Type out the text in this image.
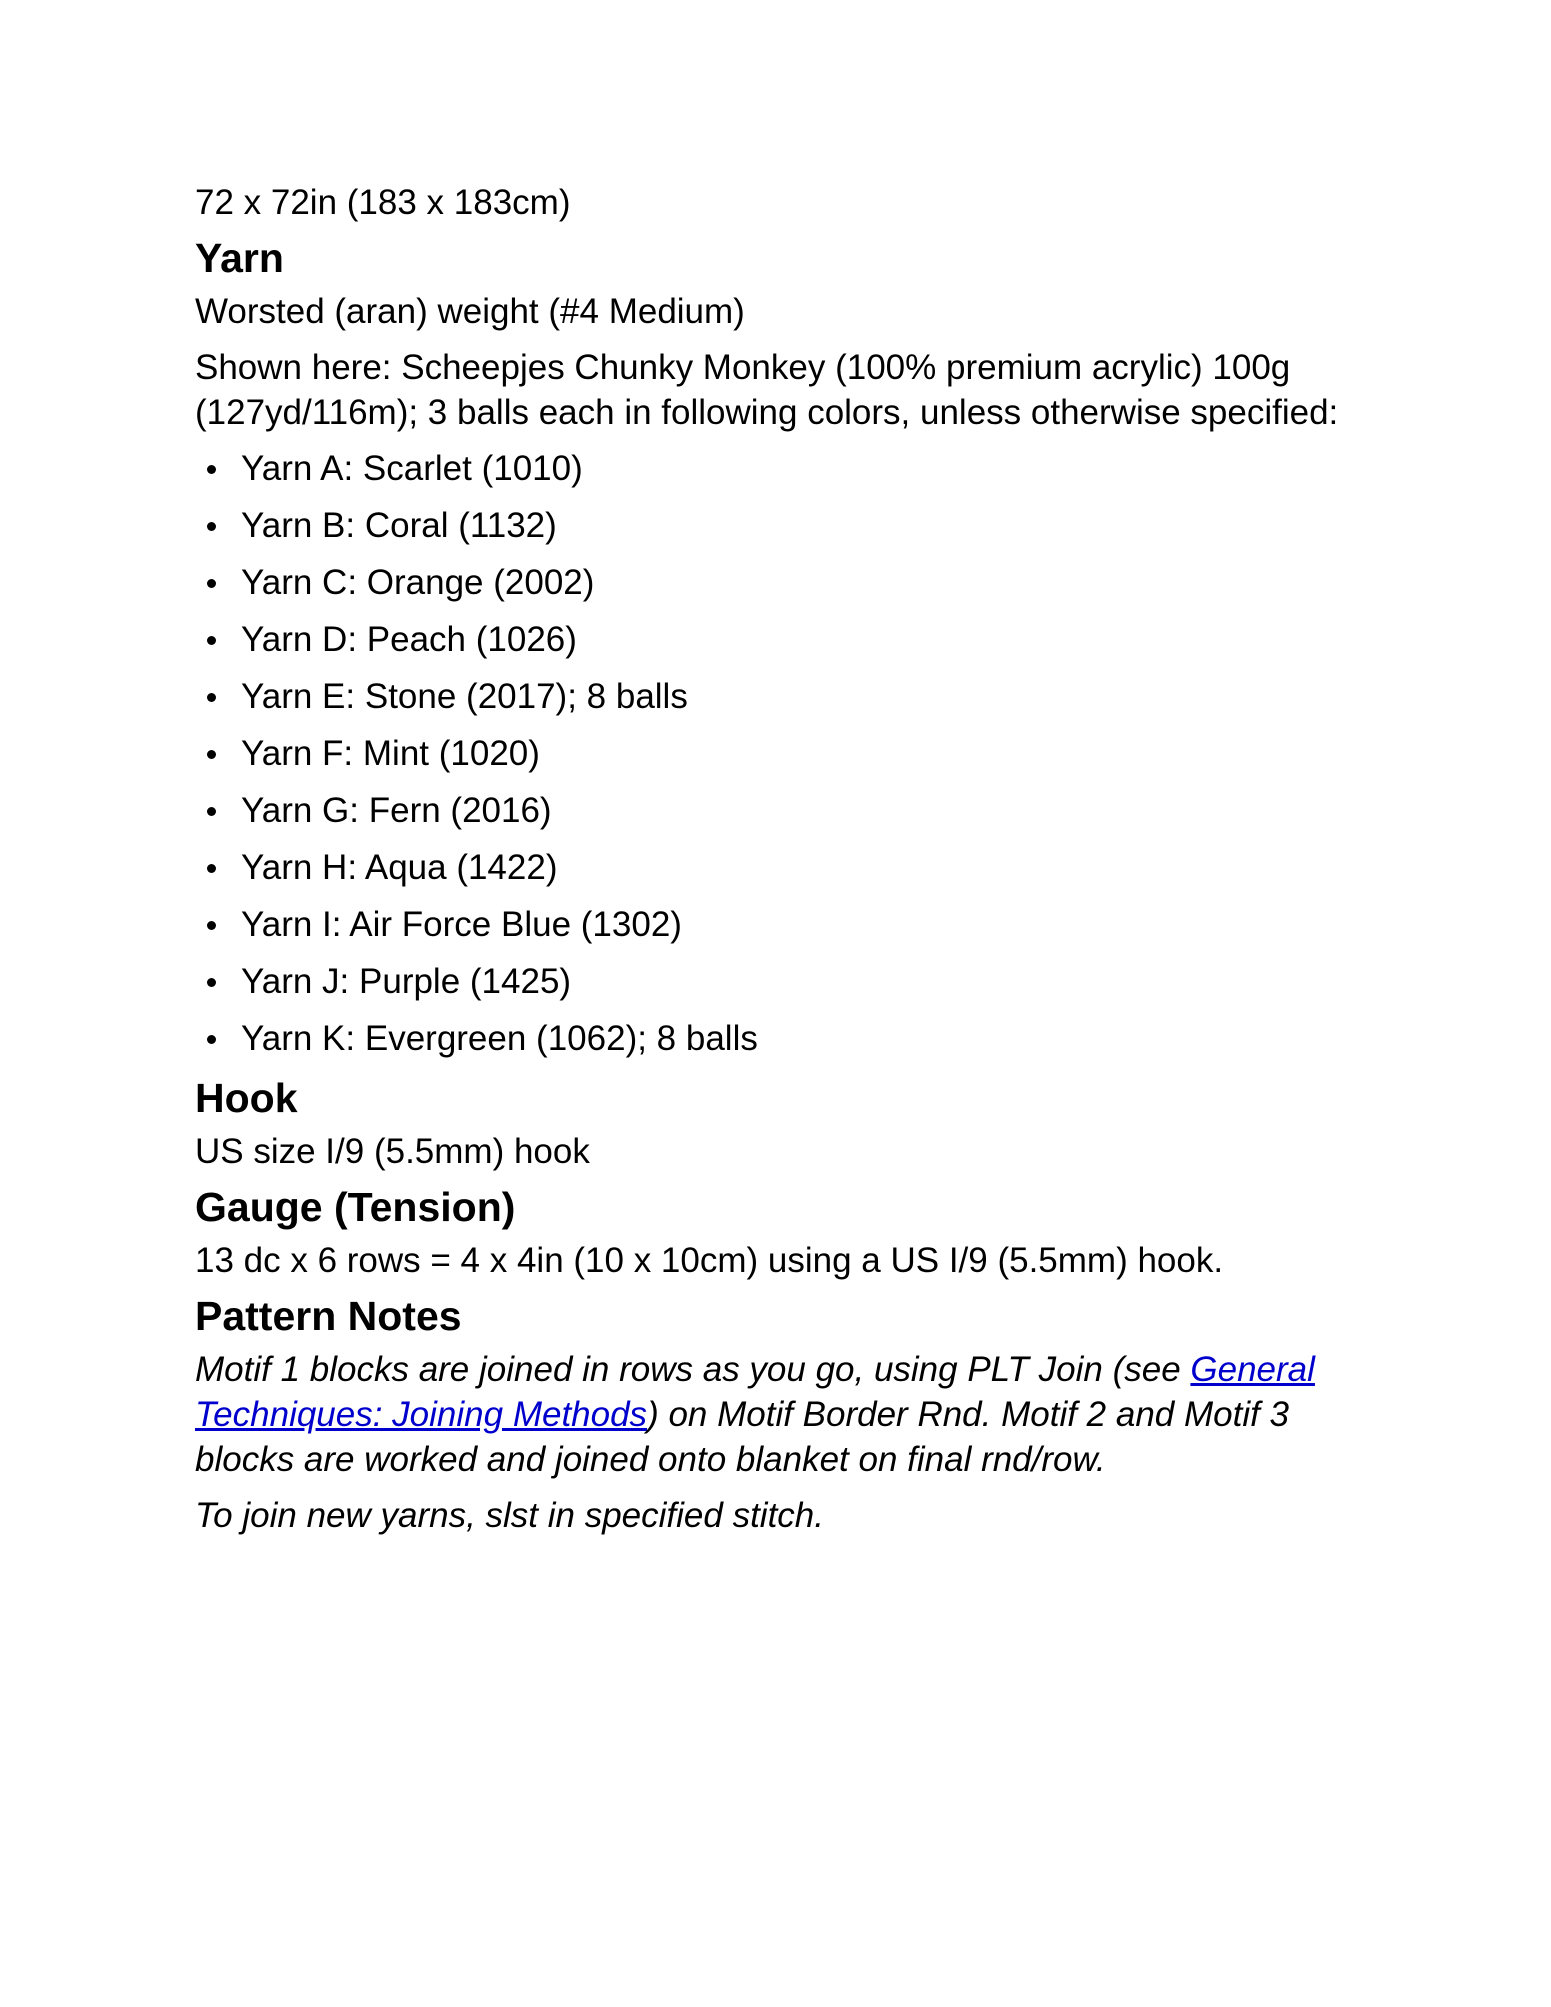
72 x 72in (183 x 183cm)

Yarn

Worsted (aran) weight (#4 Medium)

Shown here: Scheepjes Chunky Monkey (100% premium acrylic) 100g (127yd/116m); 3 balls each in following colors, unless otherwise specified:

Yarn A: Scarlet (1010)
Yarn B: Coral (1132)
Yarn C: Orange (2002)
Yarn D: Peach (1026)
Yarn E: Stone (2017); 8 balls
Yarn F: Mint (1020)
Yarn G: Fern (2016)
Yarn H: Aqua (1422)
Yarn I: Air Force Blue (1302)
Yarn J: Purple (1425)
Yarn K: Evergreen (1062); 8 balls
Hook

US size I/9 (5.5mm) hook

Gauge (Tension)

13 dc x 6 rows = 4 x 4in (10 x 10cm) using a US I/9 (5.5mm) hook.

Pattern Notes

Motif 1 blocks are joined in rows as you go, using PLT Join (see General Techniques: Joining Methods) on Motif Border Rnd. Motif 2 and Motif 3 blocks are worked and joined onto blanket on final rnd/row.

To join new yarns, slst in specified stitch.
